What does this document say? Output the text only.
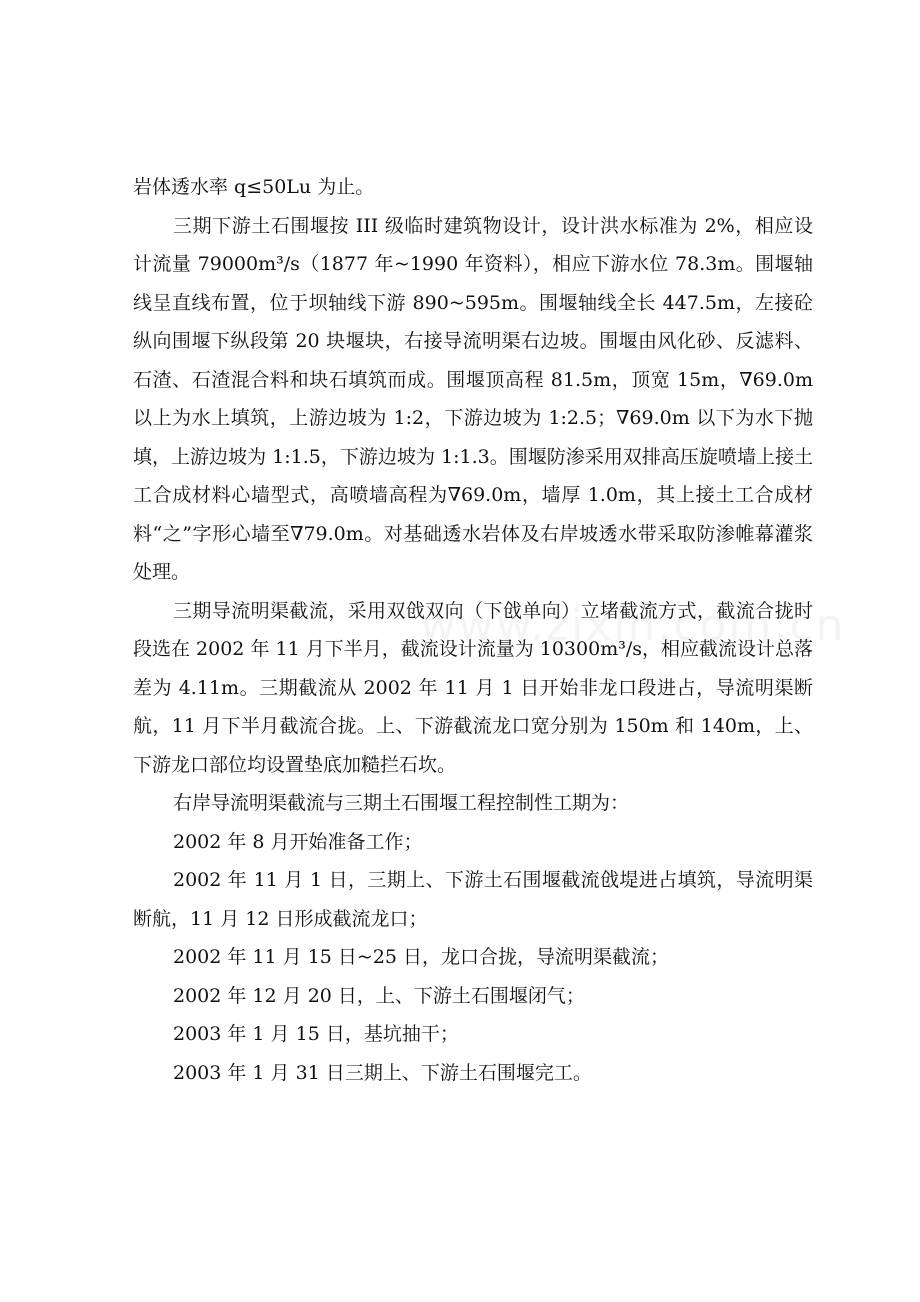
岩体透水率 q≤50Lu 为止。

三期下游土石围堰按 III 级临时建筑物设计，设计洪水标准为 2%，相应设计流量 79000m³/s（1877 年~1990 年资料），相应下游水位 78.3m。围堰轴线呈直线布置，位于坝轴线下游 890~595m。围堰轴线全长 447.5m，左接砼纵向围堰下纵段第 20 块堰块，右接导流明渠右边坡。围堰由风化砂、反滤料、石渣、石渣混合料和块石填筑而成。围堰顶高程 81.5m，顶宽 15m，∇69.0m 以上为水上填筑，上游边坡为 1:2，下游边坡为 1:2.5；∇69.0m 以下为水下抛填，上游边坡为 1:1.5，下游边坡为 1:1.3。围堰防渗采用双排高压旋喷墙上接土工合成材料心墙型式，高喷墙高程为∇69.0m，墙厚 1.0m，其上接土工合成材料“之”字形心墙至∇79.0m。对基础透水岩体及右岸坡透水带采取防渗帷幕灌浆处理。

三期导流明渠截流，采用双戗双向（下戗单向）立堵截流方式，截流合拢时段选在 2002 年 11 月下半月，截流设计流量为 10300m³/s，相应截流设计总落差为 4.11m。三期截流从 2002 年 11 月 1 日开始非龙口段进占，导流明渠断航，11 月下半月截流合拢。上、下游截流龙口宽分别为 150m 和 140m，上、下游龙口部位均设置垫底加糙拦石坎。

右岸导流明渠截流与三期土石围堰工程控制性工期为：

2002 年 8 月开始准备工作；

2002 年 11 月 1 日，三期上、下游土石围堰截流戗堤进占填筑，导流明渠断航，11 月 12 日形成截流龙口；

2002 年 11 月 15 日~25 日，龙口合拢，导流明渠截流；

2002 年 12 月 20 日，上、下游土石围堰闭气；

2003 年 1 月 15 日，基坑抽干；

2003 年 1 月 31 日三期上、下游土石围堰完工。
